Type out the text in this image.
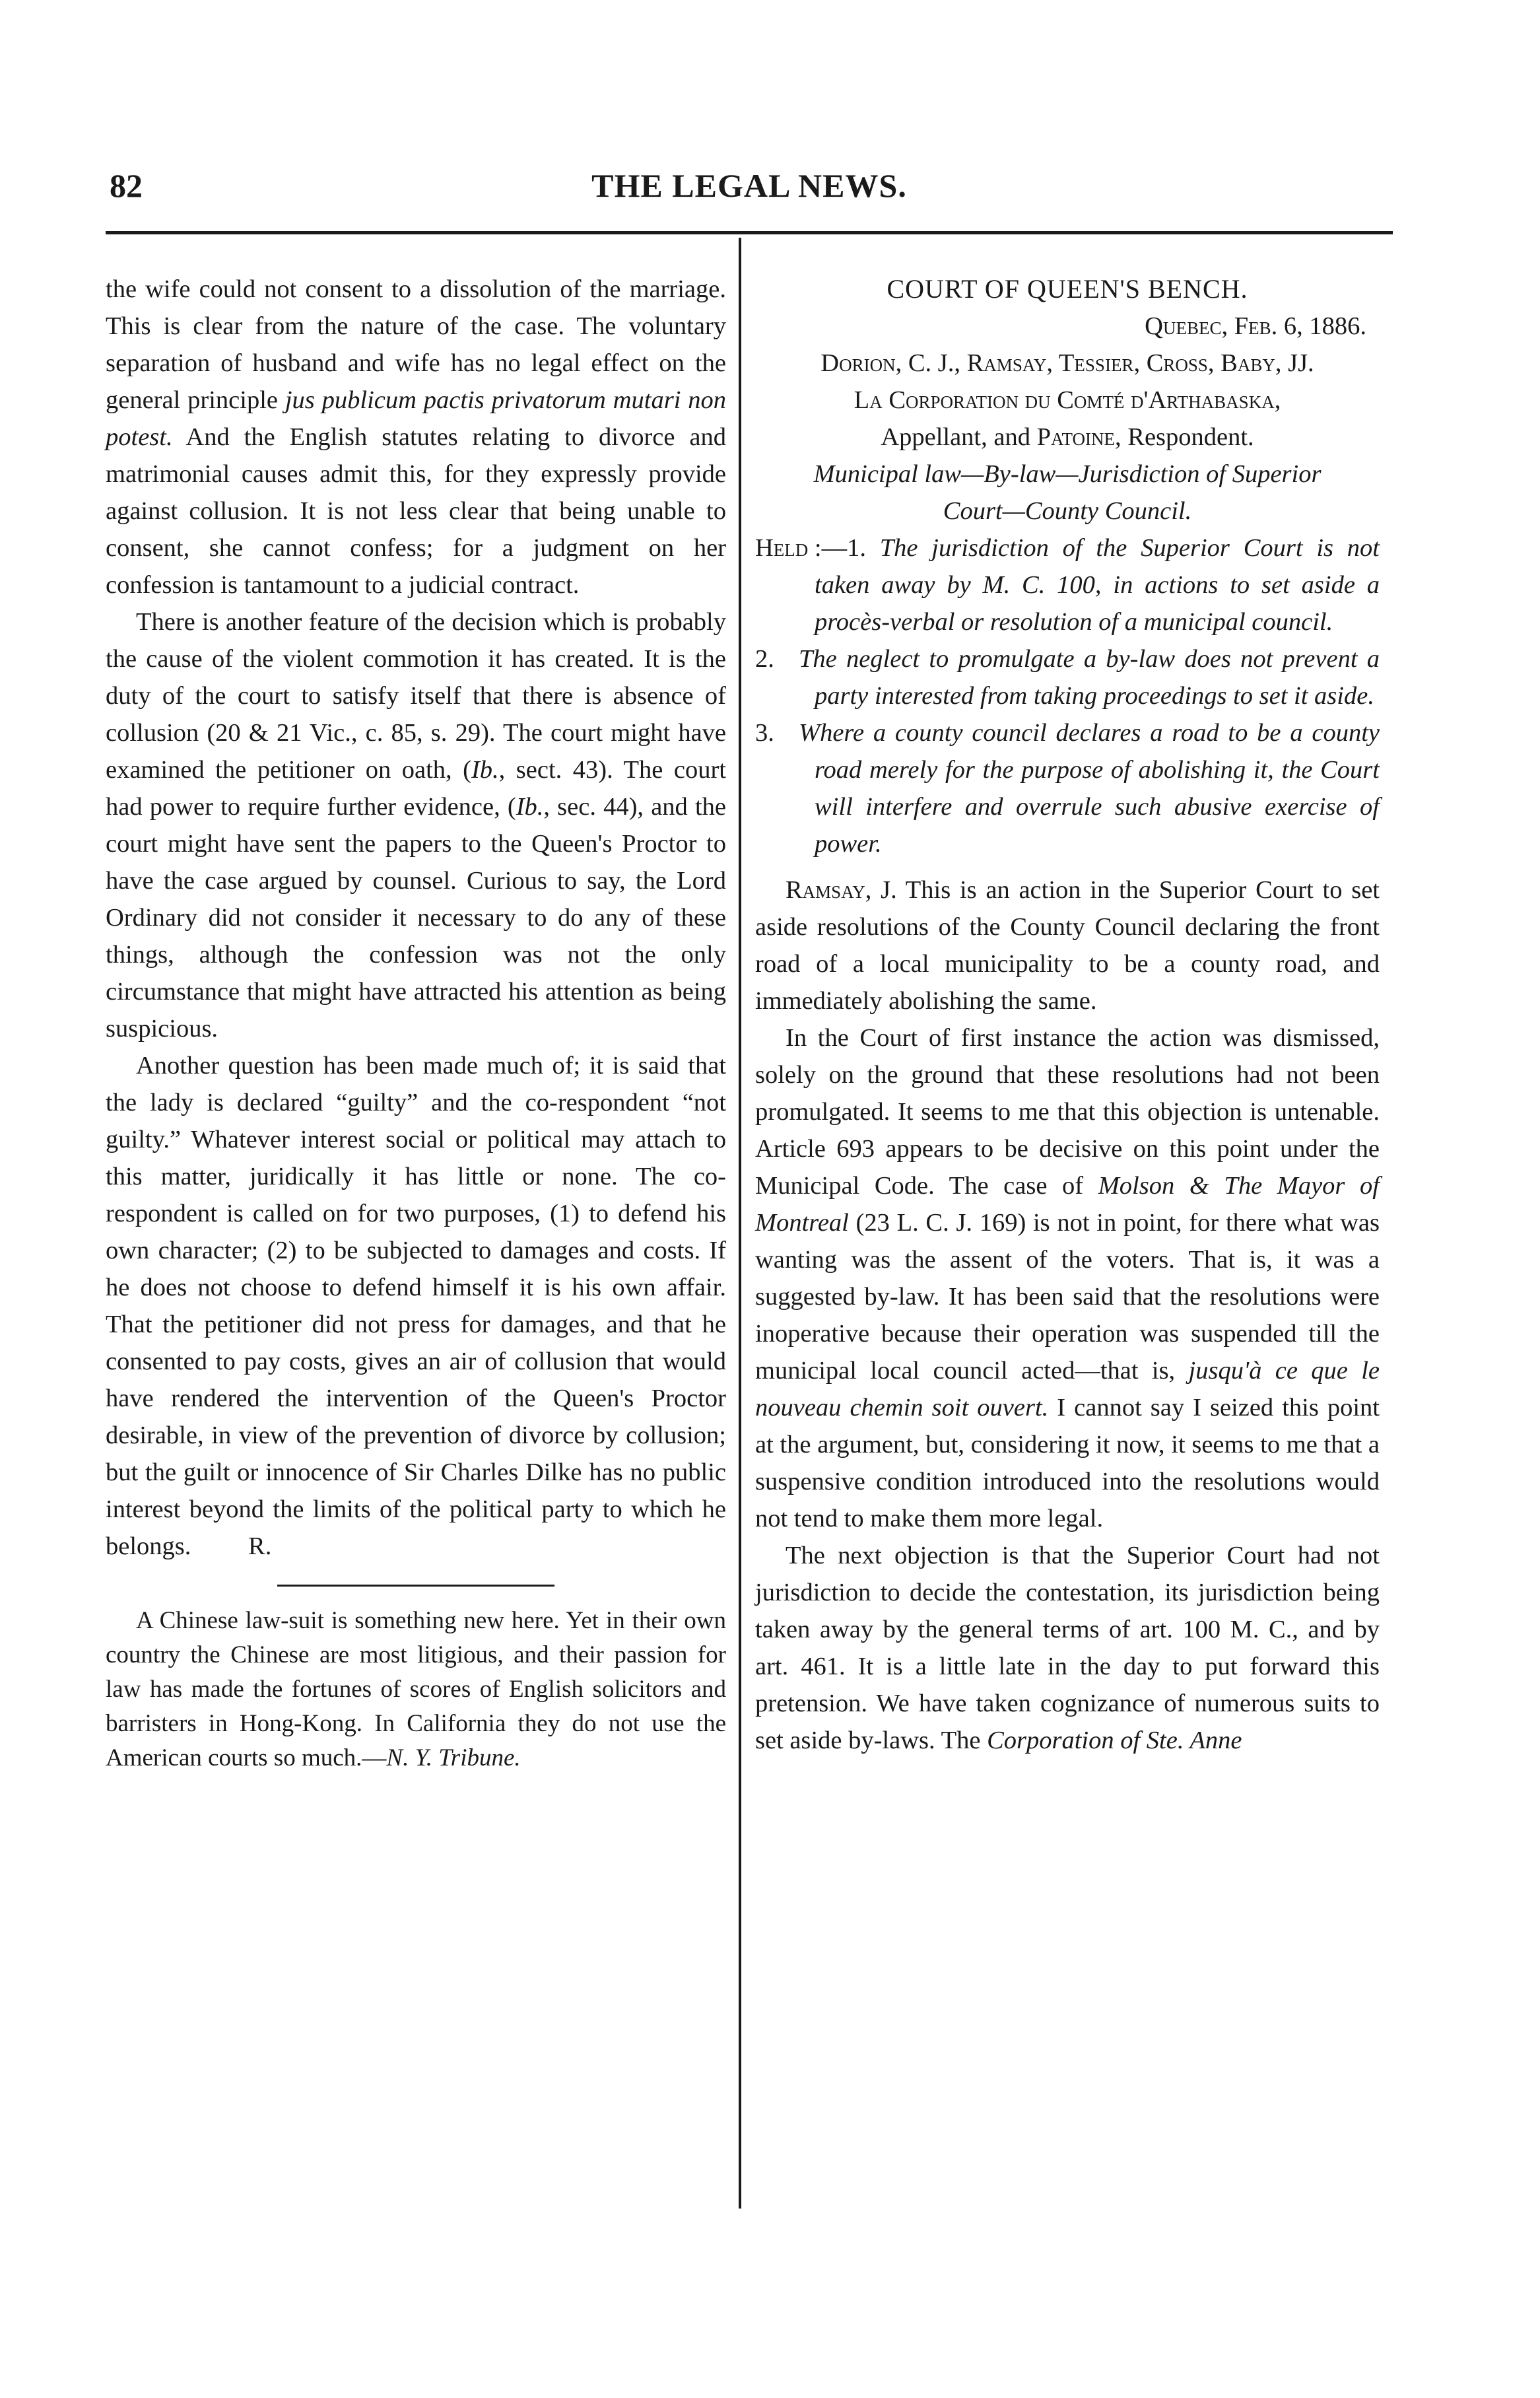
82	THE LEGAL NEWS.

the wife could not consent to a dissolution of the marriage. This is clear from the nature of the case. The voluntary separation of husband and wife has no legal effect on the general principle jus publicum pactis privatorum mutari non potest. And the English statutes relating to divorce and matrimonial causes admit this, for they expressly provide against collusion. It is not less clear that being unable to consent, she cannot confess; for a judgment on her confession is tantamount to a judicial contract.

There is another feature of the decision which is probably the cause of the violent commotion it has created. It is the duty of the court to satisfy itself that there is absence of collusion (20 & 21 Vic., c. 85, s. 29). The court might have examined the petitioner on oath, (Ib., sect. 43). The court had power to require further evidence, (Ib., sec. 44), and the court might have sent the papers to the Queen's Proctor to have the case argued by counsel. Curious to say, the Lord Ordinary did not consider it necessary to do any of these things, although the confession was not the only circumstance that might have attracted his attention as being suspicious.

Another question has been made much of; it is said that the lady is declared “guilty” and the co-respondent “not guilty.” Whatever interest social or political may attach to this matter, juridically it has little or none. The co-respondent is called on for two purposes, (1) to defend his own character; (2) to be subjected to damages and costs. If he does not choose to defend himself it is his own affair. That the petitioner did not press for damages, and that he consented to pay costs, gives an air of collusion that would have rendered the intervention of the Queen's Proctor desirable, in view of the prevention of divorce by collusion; but the guilt or innocence of Sir Charles Dilke has no public interest beyond the limits of the political party to which he belongs. R.

A Chinese law-suit is something new here. Yet in their own country the Chinese are most litigious, and their passion for law has made the fortunes of scores of English solicitors and barristers in Hong-Kong. In California they do not use the American courts so much.—N. Y. Tribune.

COURT OF QUEEN'S BENCH.

Quebec, Feb. 6, 1886.

Dorion, C. J., Ramsay, Tessier, Cross, Baby, JJ.

La Corporation du Comté d'Arthabaska,
Appellant, and Patoine, Respondent.

Municipal law—By-law—Jurisdiction of Superior Court—County Council.

Held :—1. The jurisdiction of the Superior Court is not taken away by M. C. 100, in actions to set aside a procès-verbal or resolution of a municipal council.

2. The neglect to promulgate a by-law does not prevent a party interested from taking proceedings to set it aside.

3. Where a county council declares a road to be a county road merely for the purpose of abolishing it, the Court will interfere and overrule such abusive exercise of power.

Ramsay, J. This is an action in the Superior Court to set aside resolutions of the County Council declaring the front road of a local municipality to be a county road, and immediately abolishing the same.

In the Court of first instance the action was dismissed, solely on the ground that these resolutions had not been promulgated. It seems to me that this objection is untenable. Article 693 appears to be decisive on this point under the Municipal Code. The case of Molson & The Mayor of Montreal (23 L. C. J. 169) is not in point, for there what was wanting was the assent of the voters. That is, it was a suggested by-law. It has been said that the resolutions were inoperative because their operation was suspended till the municipal local council acted—that is, jusqu'à ce que le nouveau chemin soit ouvert. I cannot say I seized this point at the argument, but, considering it now, it seems to me that a suspensive condition introduced into the resolutions would not tend to make them more legal.

The next objection is that the Superior Court had not jurisdiction to decide the contestation, its jurisdiction being taken away by the general terms of art. 100 M. C., and by art. 461. It is a little late in the day to put forward this pretension. We have taken cognizance of numerous suits to set aside by-laws. The Corporation of Ste. Anne
